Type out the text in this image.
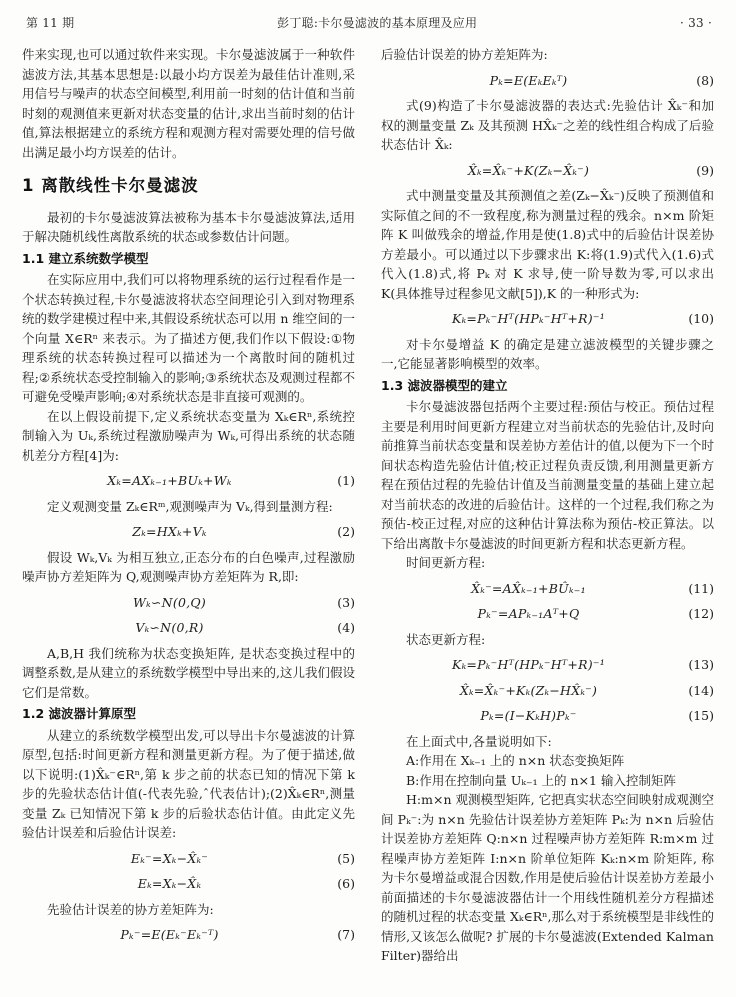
第 11 期	彭丁聪:卡尔曼滤波的基本原理及应用	· 33 ·
件来实现,也可以通过软件来实现。卡尔曼滤波属于一种软件滤波方法,其基本思想是:以最小均方误差为最佳估计准则,采用信号与噪声的状态空间模型,利用前一时刻的估计值和当前时刻的观测值来更新对状态变量的估计,求出当前时刻的估计值,算法根据建立的系统方程和观测方程对需要处理的信号做出满足最小均方误差的估计。
1 离散线性卡尔曼滤波
最初的卡尔曼滤波算法被称为基本卡尔曼滤波算法,适用于解决随机线性离散系统的状态或参数估计问题。
1.1 建立系统数学模型
在实际应用中,我们可以将物理系统的运行过程看作是一个状态转换过程,卡尔曼滤波将状态空间理论引入到对物理系统的数学建模过程中来,其假设系统状态可以用 n 维空间的一个向量 X∈Rⁿ 来表示。为了描述方便,我们作以下假设:①物理系统的状态转换过程可以描述为一个离散时间的随机过程;②系统状态受控制输入的影响;③系统状态及观测过程都不可避免受噪声影响;④对系统状态是非直接可观测的。
在以上假设前提下,定义系统状态变量为 Xₖ∈Rⁿ,系统控制输入为 Uₖ,系统过程激励噪声为 Wₖ,可得出系统的状态随机差分方程[4]为:
Xₖ=AXₖ₋₁+BUₖ+Wₖ	(1)
定义观测变量 Zₖ∈Rᵐ,观测噪声为 Vₖ,得到量测方程:
Zₖ=HXₖ+Vₖ	(2)
假设 Wₖ,Vₖ 为相互独立,正态分布的白色噪声,过程激励噪声协方差矩阵为 Q,观测噪声协方差矩阵为 R,即:
Wₖ∽N(0,Q)	(3)
Vₖ∽N(0,R)	(4)
A,B,H 我们统称为状态变换矩阵, 是状态变换过程中的调整系数,是从建立的系统数学模型中导出来的,这儿我们假设它们是常数。
1.2 滤波器计算原型
从建立的系统数学模型出发,可以导出卡尔曼滤波的计算原型,包括:时间更新方程和测量更新方程。为了便于描述,做以下说明:(1)X̂ₖ⁻∈Rⁿ,第 k 步之前的状态已知的情况下第 k 步的先验状态估计值(-代表先验,ˆ代表估计);(2)X̂ₖ∈Rⁿ,测量变量 Zₖ 已知情况下第 k 步的后验状态估计值。由此定义先验估计误差和后验估计误差:
Eₖ⁻=Xₖ−X̂ₖ⁻	(5)
Eₖ=Xₖ−X̂ₖ	(6)
先验估计误差的协方差矩阵为:
Pₖ⁻=E(Eₖ⁻Eₖ⁻ᵀ)	(7)
后验估计误差的协方差矩阵为:
Pₖ=E(EₖEₖᵀ)	(8)
式(9)构造了卡尔曼滤波器的表达式:先验估计 X̂ₖ⁻和加权的测量变量 Zₖ 及其预测 HX̂ₖ⁻之差的线性组合构成了后验状态估计 X̂ₖ:
X̂ₖ=X̂ₖ⁻+K(Zₖ−X̂ₖ⁻)	(9)
式中测量变量及其预测值之差(Zₖ−X̂ₖ⁻)反映了预测值和实际值之间的不一致程度,称为测量过程的残余。n×m 阶矩阵 K 叫做残余的增益,作用是使(1.8)式中的后验估计误差协方差最小。可以通过以下步骤求出 K:将(1.9)式代入(1.6)式代入(1.8)式,将 Pₖ 对 K 求导,使一阶导数为零,可以求出 K(具体推导过程参见文献[5]),K 的一种形式为:
Kₖ=Pₖ⁻Hᵀ(HPₖ⁻Hᵀ+R)⁻¹	(10)
对卡尔曼增益 K 的确定是建立滤波模型的关键步骤之一,它能显著影响模型的效率。
1.3 滤波器模型的建立
卡尔曼滤波器包括两个主要过程:预估与校正。预估过程主要是利用时间更新方程建立对当前状态的先验估计,及时向前推算当前状态变量和误差协方差估计的值,以便为下一个时间状态构造先验估计值;校正过程负责反馈,利用测量更新方程在预估过程的先验估计值及当前测量变量的基础上建立起对当前状态的改进的后验估计。这样的一个过程,我们称之为预估-校正过程,对应的这种估计算法称为预估-校正算法。以下给出离散卡尔曼滤波的时间更新方程和状态更新方程。
时间更新方程:
X̂ₖ⁻=AX̂ₖ₋₁+BÛₖ₋₁	(11)
Pₖ⁻=APₖ₋₁Aᵀ+Q	(12)
状态更新方程:
Kₖ=Pₖ⁻Hᵀ(HPₖ⁻Hᵀ+R)⁻¹	(13)
X̂ₖ=X̂ₖ⁻+Kₖ(Zₖ−HX̂ₖ⁻)	(14)
Pₖ=(I−KₖH)Pₖ⁻	(15)
在上面式中,各量说明如下:
A:作用在 Xₖ₋₁ 上的 n×n 状态变换矩阵
B:作用在控制向量 Uₖ₋₁ 上的 n×1 输入控制矩阵
H:m×n 观测模型矩阵, 它把真实状态空间映射成观测空间 Pₖ⁻:为 n×n 先验估计误差协方差矩阵 Pₖ:为 n×n 后验估计误差协方差矩阵 Q:n×n 过程噪声协方差矩阵 R:m×m 过程噪声协方差矩阵 I:n×n 阶单位矩阵 Kₖ:n×m 阶矩阵, 称为卡尔曼增益或混合因数,作用是使后验估计误差协方差最小前面描述的卡尔曼滤波器估计一个用线性随机差分方程描述的随机过程的状态变量 Xₖ∈Rⁿ,那么对于系统模型是非线性的情形,又该怎么做呢? 扩展的卡尔曼滤波(Extended Kalman Filter)器给出
